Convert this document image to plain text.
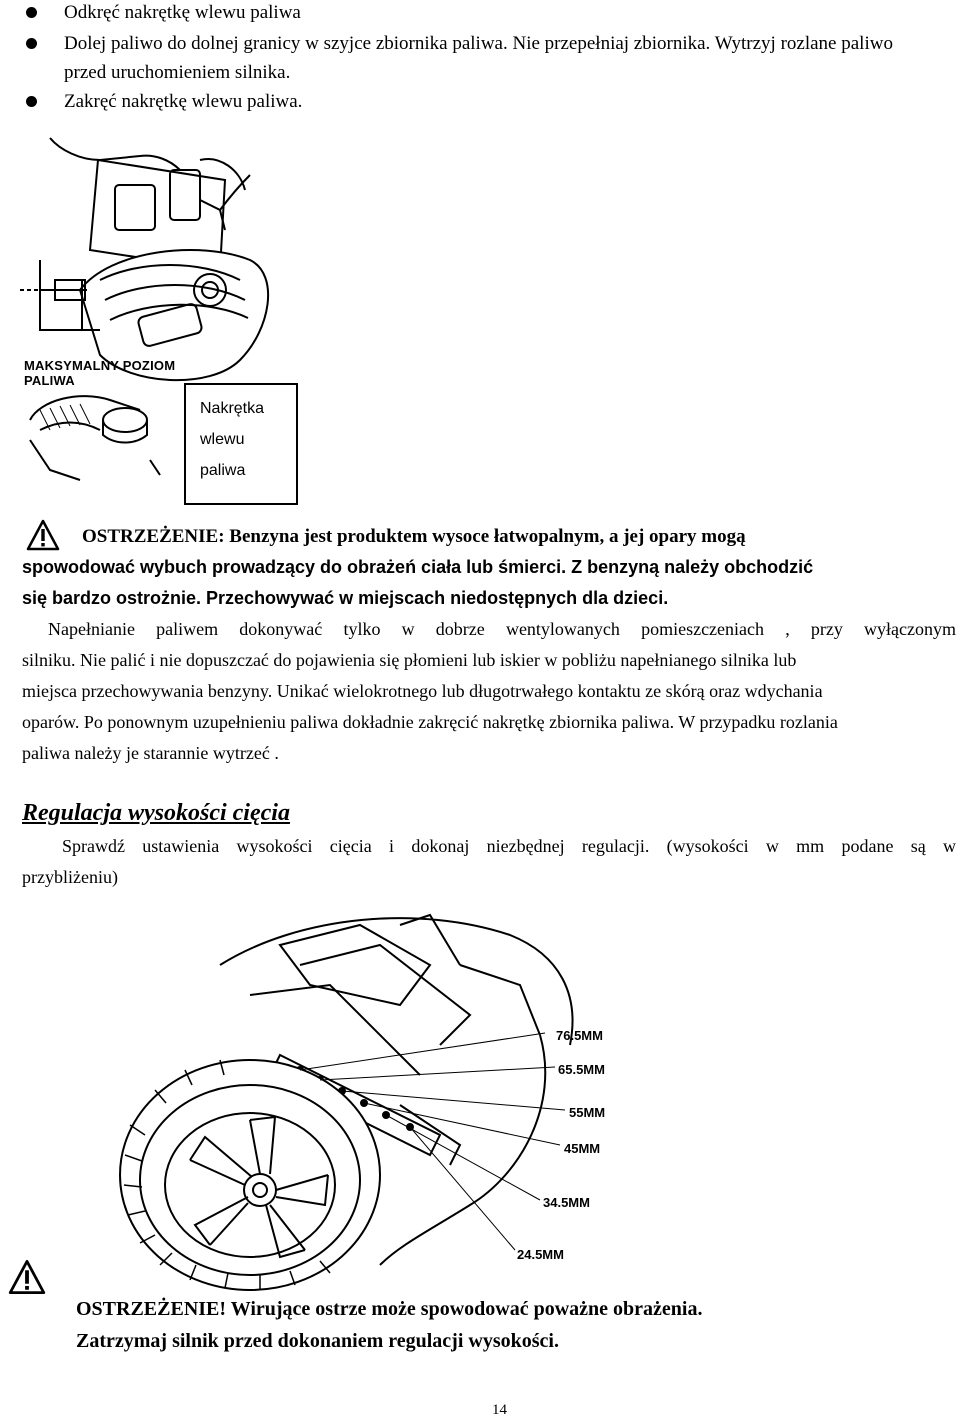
Odkręć nakrętkę wlewu paliwa
Dolej paliwo do dolnej granicy w szyjce zbiornika paliwa. Nie przepełniaj zbiornika. Wytrzyj rozlane paliwo
przed uruchomieniem silnika.
Zakręć nakrętkę wlewu paliwa.
MAKSYMALNY POZIOM
PALIWA
Nakrętka
wlewu
paliwa
OSTRZEŻENIE: Benzyna jest produktem wysoce łatwopalnym, a jej opary mogą
spowodować wybuch prowadzący do obrażeń ciała lub śmierci. Z benzyną należy obchodzić
się bardzo ostrożnie. Przechowywać w miejscach niedostępnych dla dzieci.
Napełnianie paliwem dokonywać tylko w dobrze wentylowanych pomieszczeniach , przy wyłączonym
silniku. Nie palić i nie dopuszczać do pojawienia się płomieni lub iskier w pobliżu napełnianego silnika lub
miejsca przechowywania benzyny. Unikać wielokrotnego lub długotrwałego kontaktu ze skórą oraz wdychania
oparów. Po ponownym uzupełnieniu paliwa dokładnie zakręcić nakrętkę zbiornika paliwa. W przypadku rozlania
paliwa należy je starannie wytrzeć .
Regulacja wysokości cięcia
Sprawdź ustawienia wysokości cięcia i dokonaj niezbędnej regulacji. (wysokości w mm podane są w
przybliżeniu)
76.5MM
65.5MM
55MM
45MM
34.5MM
24.5MM
OSTRZEŻENIE! Wirujące ostrze może spowodować poważne obrażenia.
Zatrzymaj silnik przed dokonaniem regulacji wysokości.
14
